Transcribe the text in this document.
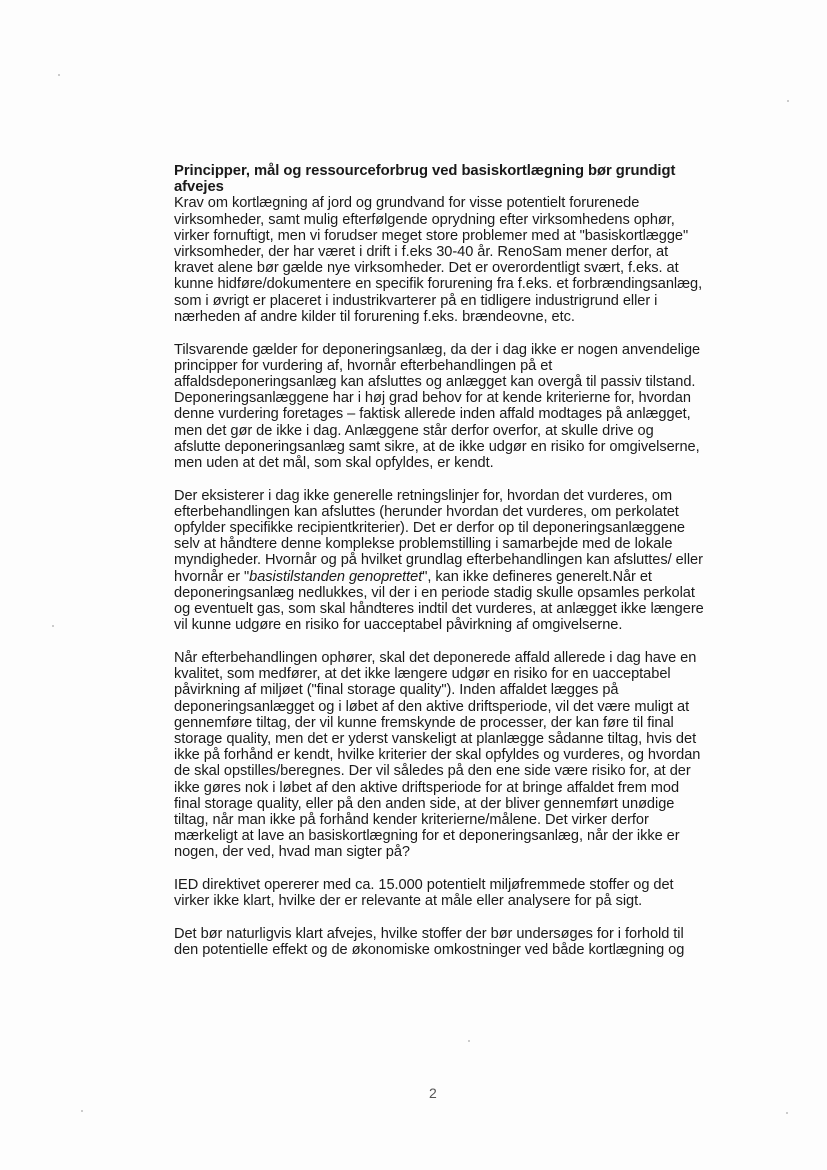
Principper, mål og ressourceforbrug ved basiskortlægning bør grundigt afvejes

Krav om kortlægning af jord og grundvand for visse potentielt forurenede virksomheder, samt mulig efterfølgende oprydning efter virksomhedens ophør, virker fornuftigt, men vi forudser meget store problemer med at "basiskortlægge" virksomheder, der har været i drift i f.eks 30-40 år. RenoSam mener derfor, at kravet alene bør gælde nye virksomheder. Det er overordentligt svært, f.eks. at kunne hidføre/dokumentere en specifik forurening fra f.eks. et forbrændingsanlæg, som i øvrigt er placeret i industrikvarterer på en tidligere industrigrund eller i nærheden af andre kilder til forurening f.eks. brændeovne, etc.

Tilsvarende gælder for deponeringsanlæg, da der i dag ikke er nogen anvendelige principper for vurdering af, hvornår efterbehandlingen på et affaldsdeponeringsanlæg kan afsluttes og anlægget kan overgå til passiv tilstand. Deponeringsanlæggene har i høj grad behov for at kende kriterierne for, hvordan denne vurdering foretages – faktisk allerede inden affald modtages på anlægget, men det gør de ikke i dag. Anlæggene står derfor overfor, at skulle drive og afslutte deponeringsanlæg samt sikre, at de ikke udgør en risiko for omgivelserne, men uden at det mål, som skal opfyldes, er kendt.

Der eksisterer i dag ikke generelle retningslinjer for, hvordan det vurderes, om efterbehandlingen kan afsluttes (herunder hvordan det vurderes, om perkolatet opfylder specifikke recipientkriterier). Det er derfor op til deponeringsanlæggene selv at håndtere denne komplekse problemstilling i samarbejde med de lokale myndigheder. Hvornår og på hvilket grundlag efterbehandlingen kan afsluttes/ eller hvornår er "basistilstanden genoprettet", kan ikke defineres generelt.Når et deponeringsanlæg nedlukkes, vil der i en periode stadig skulle opsamles perkolat og eventuelt gas, som skal håndteres indtil det vurderes, at anlægget ikke længere vil kunne udgøre en risiko for uacceptabel påvirkning af omgivelserne.

Når efterbehandlingen ophører, skal det deponerede affald allerede i dag have en kvalitet, som medfører, at det ikke længere udgør en risiko for en uacceptabel påvirkning af miljøet ("final storage quality"). Inden affaldet lægges på deponeringsanlægget og i løbet af den aktive driftsperiode, vil det være muligt at gennemføre tiltag, der vil kunne fremskynde de processer, der kan føre til final storage quality, men det er yderst vanskeligt at planlægge sådanne tiltag, hvis det ikke på forhånd er kendt, hvilke kriterier der skal opfyldes og vurderes, og hvordan de skal opstilles/beregnes. Der vil således på den ene side være risiko for, at der ikke gøres nok i løbet af den aktive driftsperiode for at bringe affaldet frem mod final storage quality, eller på den anden side, at der bliver gennemført unødige tiltag, når man ikke på forhånd kender kriterierne/målene. Det virker derfor mærkeligt at lave an basiskortlægning for et deponeringsanlæg, når der ikke er nogen, der ved, hvad man sigter på?

IED direktivet opererer med ca. 15.000 potentielt miljøfremmede stoffer og det virker ikke klart, hvilke der er relevante at måle eller analysere for på sigt.

Det bør naturligvis klart afvejes, hvilke stoffer der bør undersøges for i forhold til den potentielle effekt og de økonomiske omkostninger ved både kortlægning og

2
